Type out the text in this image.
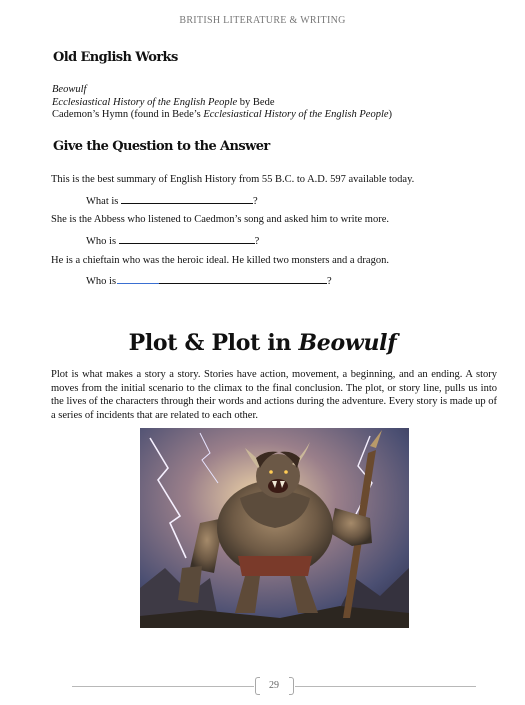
BRITISH LITERATURE & WRITING
Old English Works
Beowulf
Ecclesiastical History of the English People by Bede
Cademon’s Hymn (found in Bede’s Ecclesiastical History of the English People)
Give the Question to the Answer
This is the best summary of English History from 55 B.C. to A.D. 597 available today.
What is	?
She is the Abbess who listened to Caedmon’s song and asked him to write more.
Who is	?
He is a chieftain who was the heroic ideal. He killed two monsters and a dragon.
Who is	?
Plot & Plot in Beowulf
Plot is what makes a story a story. Stories have action, movement, a beginning, and an ending. A story moves from the initial scenario to the climax to the final conclusion. The plot, or story line, pulls us into the lives of the characters through their words and actions during the adventure. Every story is made up of a series of incidents that are related to each other.
29
